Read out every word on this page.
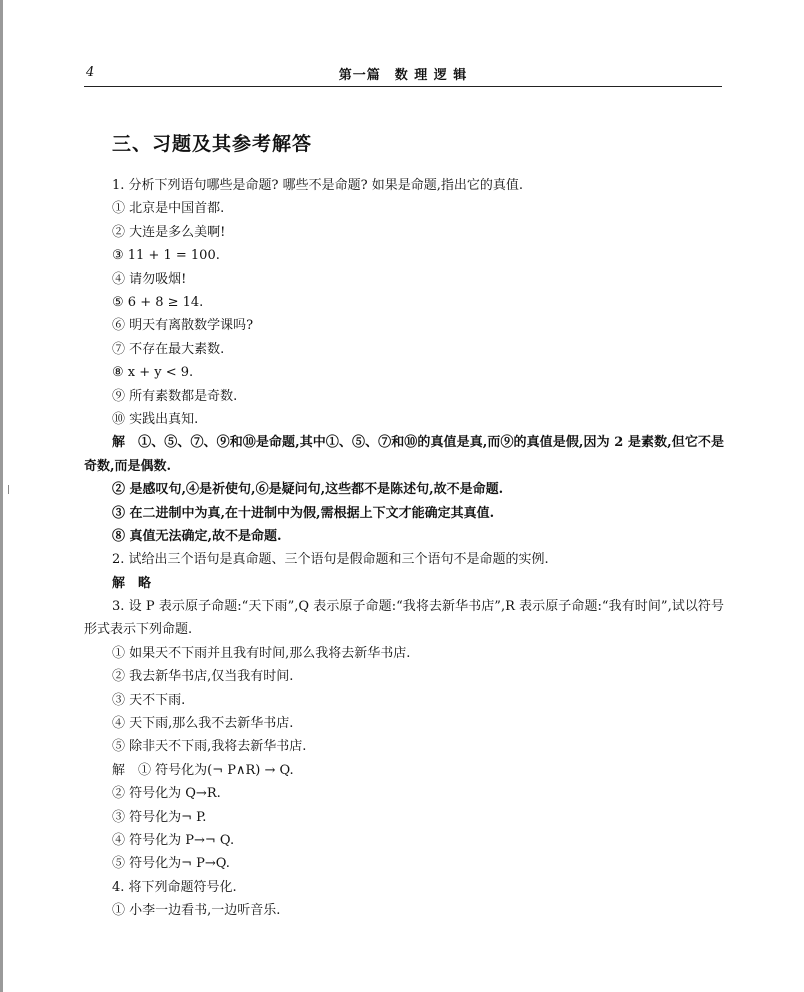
4	第一篇　数 理 逻 辑
三、习题及其参考解答
1. 分析下列语句哪些是命题? 哪些不是命题? 如果是命题,指出它的真值.
① 北京是中国首都.
② 大连是多么美啊!
③ 11 + 1 = 100.
④ 请勿吸烟!
⑤ 6 + 8 ≥ 14.
⑥ 明天有离散数学课吗?
⑦ 不存在最大素数.
⑧ x + y < 9.
⑨ 所有素数都是奇数.
⑩ 实践出真知.
解　①、⑤、⑦、⑨和⑩是命题,其中①、⑤、⑦和⑩的真值是真,而⑨的真值是假,因为 2 是素数,但它不是奇数,而是偶数.
② 是感叹句,④是祈使句,⑥是疑问句,这些都不是陈述句,故不是命题.
③ 在二进制中为真,在十进制中为假,需根据上下文才能确定其真值.
⑧ 真值无法确定,故不是命题.
2. 试给出三个语句是真命题、三个语句是假命题和三个语句不是命题的实例.
解　略
3. 设 P 表示原子命题:“天下雨”,Q 表示原子命题:“我将去新华书店”,R 表示原子命题:“我有时间”,试以符号形式表示下列命题.
① 如果天不下雨并且我有时间,那么我将去新华书店.
② 我去新华书店,仅当我有时间.
③ 天不下雨.
④ 天下雨,那么我不去新华书店.
⑤ 除非天不下雨,我将去新华书店.
解　① 符号化为(¬ P∧R) → Q.
② 符号化为 Q→R.
③ 符号化为¬ P.
④ 符号化为 P→¬ Q.
⑤ 符号化为¬ P→Q.
4. 将下列命题符号化.
① 小李一边看书,一边听音乐.
